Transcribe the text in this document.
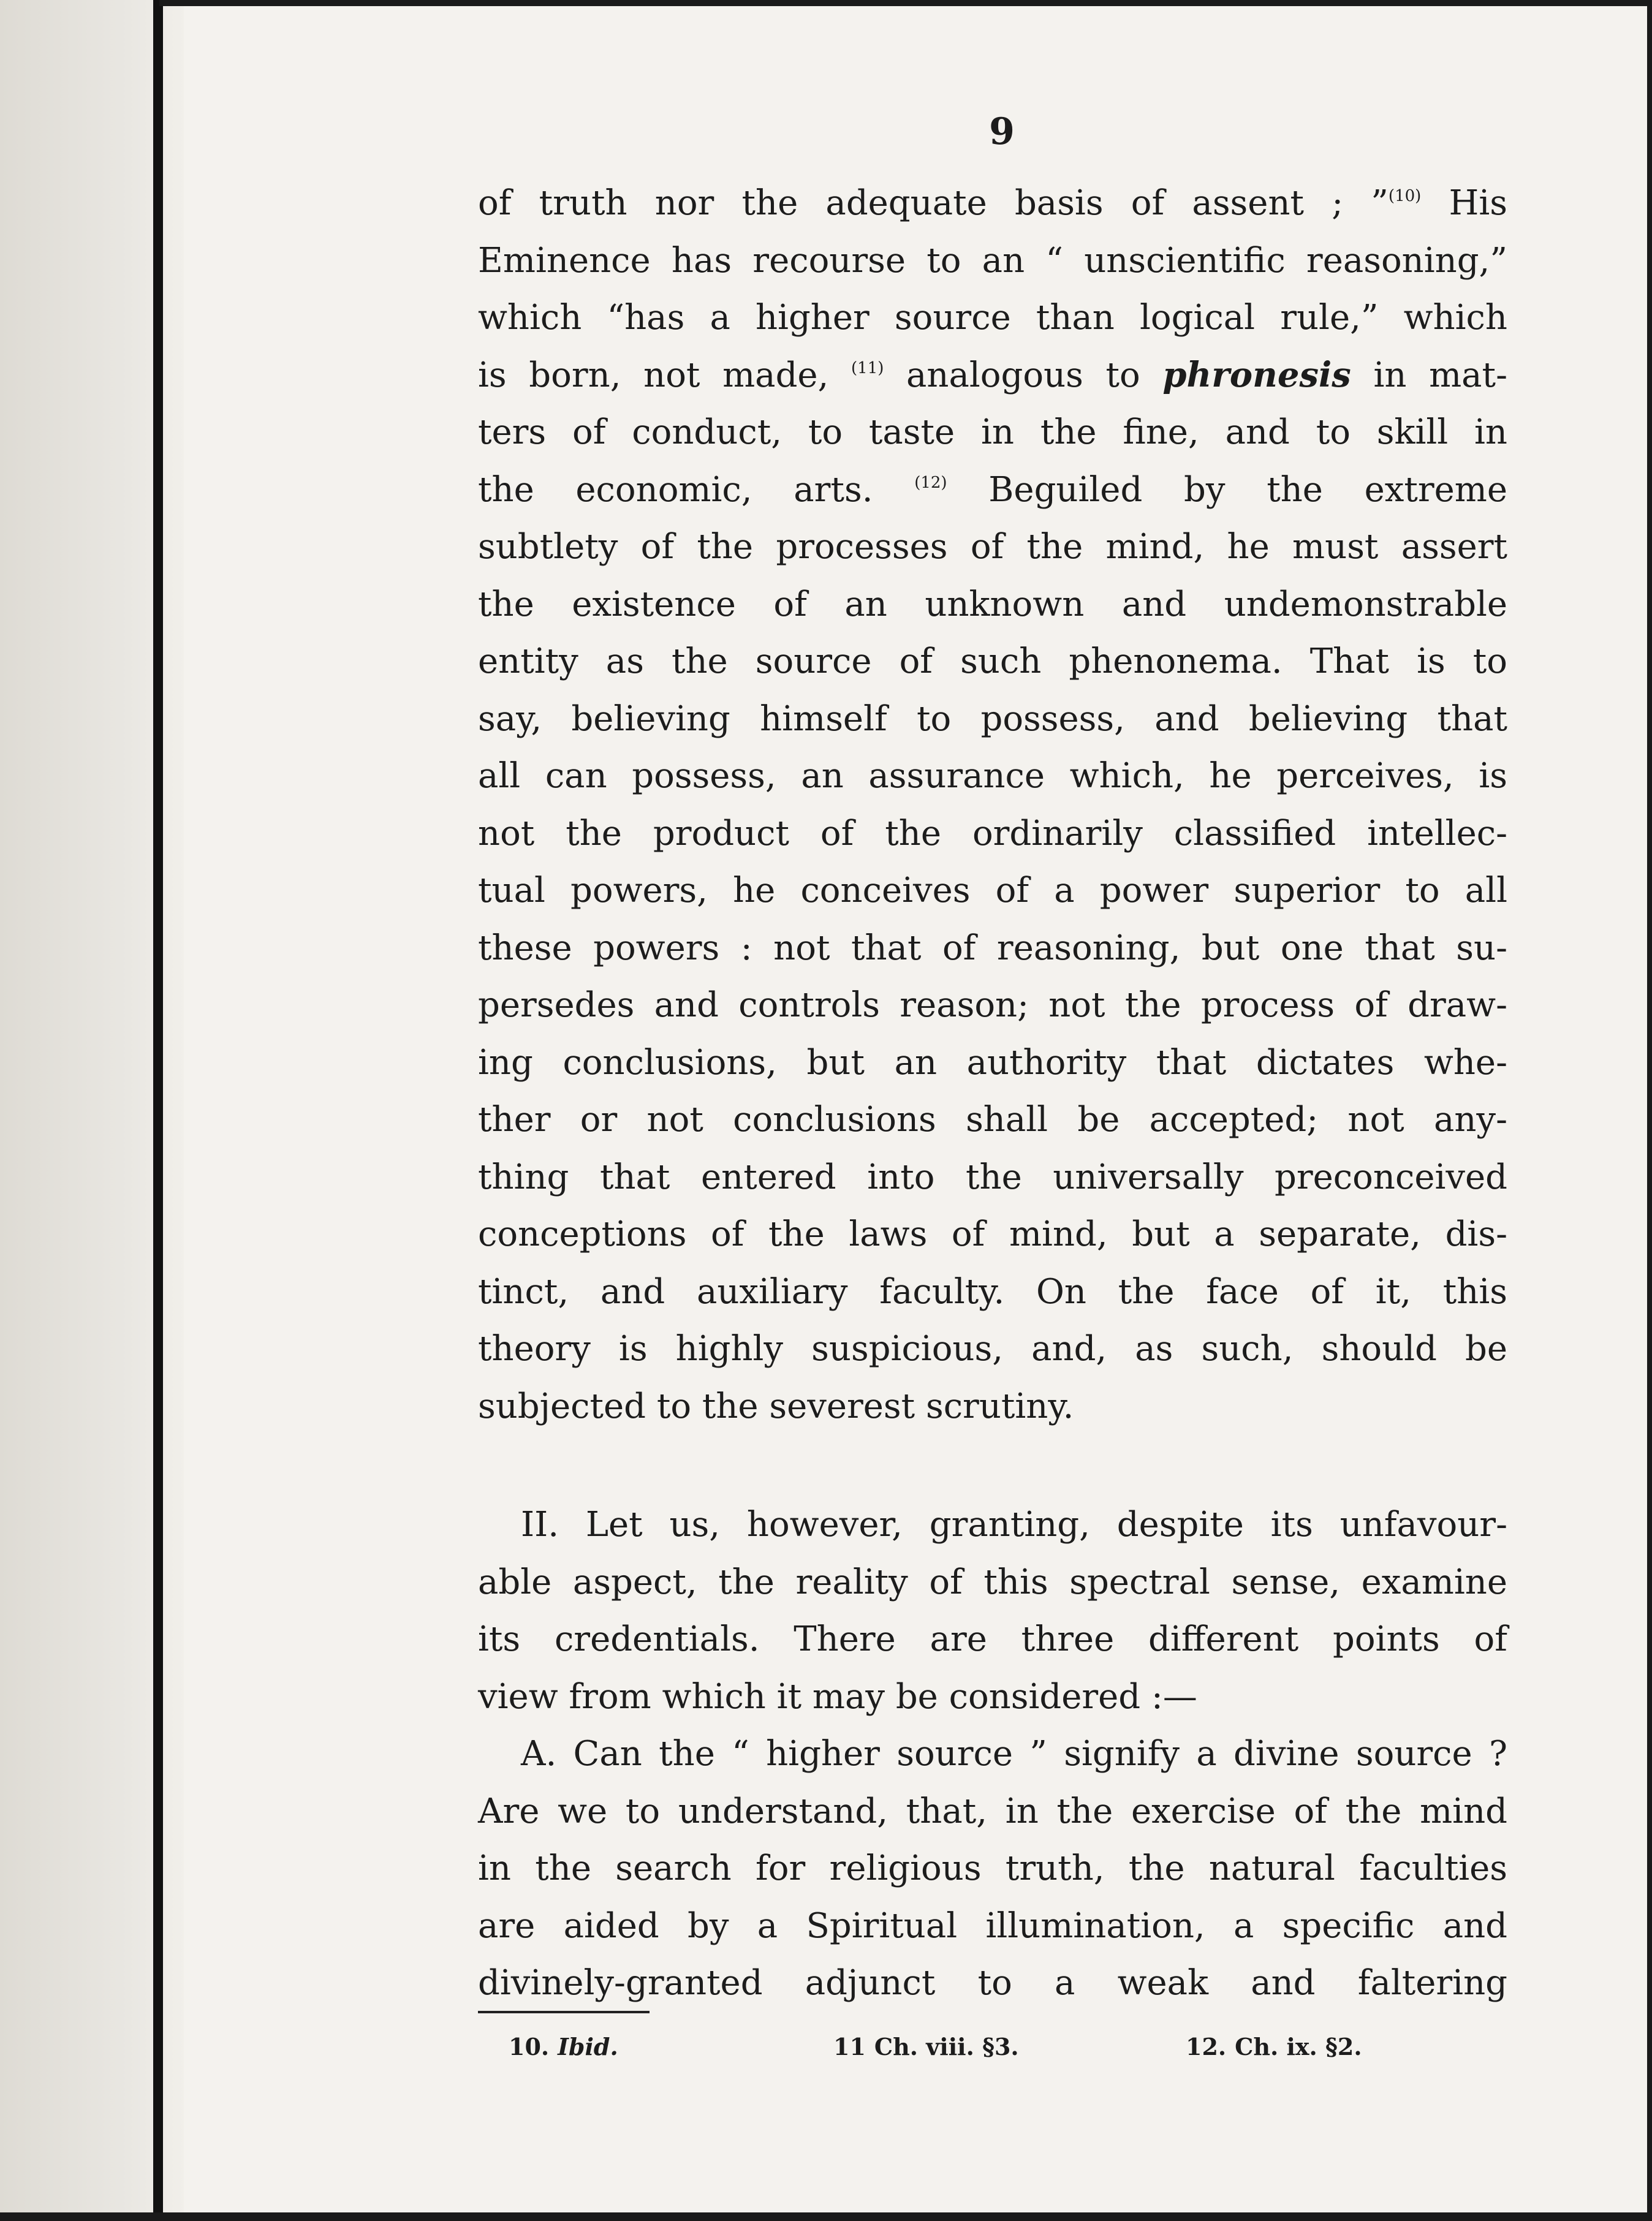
9
of truth nor the adequate basis of assent ; ”$^{(10)}$ His
Eminence has recourse to an “ unscientific reasoning,”
which “has a higher source than logical rule,” which
is born, not made, $^{(11)}$ analogous to phronesis in mat-
ters of conduct, to taste in the fine, and to skill in
the economic, arts. $^{(12)}$ Beguiled by the extreme
subtlety of the processes of the mind, he must assert
the existence of an unknown and undemonstrable
entity as the source of such phenonema. That is to
say, believing himself to possess, and believing that
all can possess, an assurance which, he perceives, is
not the product of the ordinarily classified intellec-
tual powers, he conceives of a power superior to all
these powers : not that of reasoning, but one that su-
persedes and controls reason; not the process of draw-
ing conclusions, but an authority that dictates whe-
ther or not conclusions shall be accepted; not any-
thing that entered into the universally preconceived
conceptions of the laws of mind, but a separate, dis-
tinct, and auxiliary faculty. On the face of it, this
theory is highly suspicious, and, as such, should be
subjected to the severest scrutiny.
II. Let us, however, granting, despite its unfavour-
able aspect, the reality of this spectral sense, examine
its credentials. There are three different points of
view from which it may be considered :—
A. Can the “ higher source ” signify a divine source ?
Are we to understand, that, in the exercise of the mind
in the search for religious truth, the natural faculties
are aided by a Spiritual illumination, a specific and
divinely-granted adjunct to a weak and faltering
10. Ibid.	11 Ch. viii. §3.	12. Ch. ix. §2.
